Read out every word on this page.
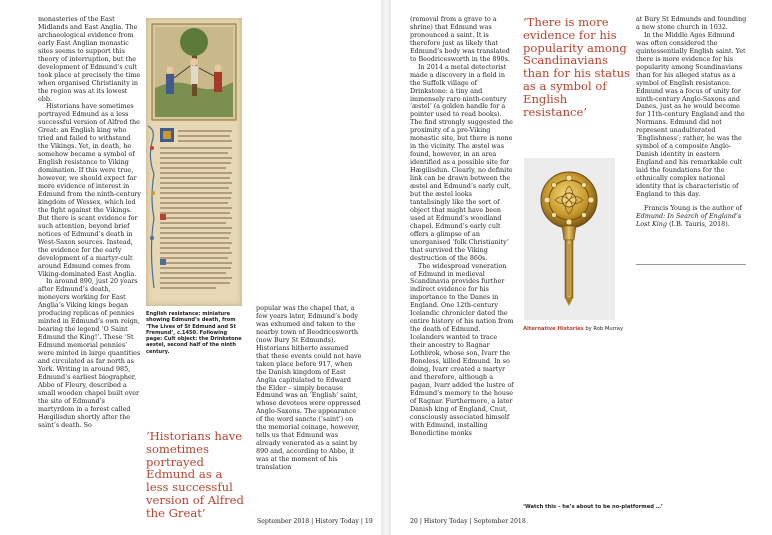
monasteries of the East Midlands and East Anglia. The archaeological evidence from early East Anglian monastic sites seems to support this theory of interruption, but the development of Edmund’s cult took place at precisely the time when organised Christianity in the region was at its lowest ebb.

Historians have sometimes portrayed Edmund as a less successful version of Alfred the Great: an English king who tried and failed to withstand the Vikings. Yet, in death, he somehow became a symbol of English resistance to Viking domination. If this were true, however, we should expect far more evidence of interest in Edmund from the ninth-century kingdom of Wessex, which led the fight against the Vikings. But there is scant evidence for such attention, beyond brief notices of Edmund’s death in West-Saxon sources. Instead, the evidence for the early development of a martyr-cult around Edmund comes from Viking-dominated East Anglia.

In around 890, just 20 years after Edmund’s death, moneyers working for East Anglia’s Viking kings began producing replicas of pennies minted in Edmund’s own reign, bearing the legend ‘O Saint Edmund the King!’. These ‘St Edmund memorial pennies’ were minted in large quantities and circulated as far north as York. Writing in around 985, Edmund’s earliest biographer, Abbo of Fleury, described a small wooden chapel built over the site of Edmund’s martyrdom in a forest called Hægilisdun shortly after the saint’s death. So

English resistance: miniature showing Edmund’s death, from ‘The Lives of St Edmund and St Fremund’, c.1450. Following page: Cult object: the Drinkstone aestel, second half of the ninth century.
‘Historians have sometimes portrayed Edmund as a less successful version of Alfred the Great’

popular was the chapel that, a few years later, Edmund’s body was exhumed and taken to the nearby town of Beodricesworth (now Bury St Edmunds). Historians hitherto assumed that these events could not have taken place before 917, when the Danish kingdom of East Anglia capitulated to Edward the Elder – simply because Edmund was an ‘English’ saint, whose devotees were oppressed Anglo-Saxons. The appearance of the word sancte (‘saint’) on the memorial coinage, however, tells us that Edmund was already venerated as a saint by 890 and, according to Abbo, it was at the moment of his translation

September 2018 | History Today | 19

(removal from a grave to a shrine) that Edmund was pronounced a saint. It is therefore just as likely that Edmund’s body was translated to Beodricesworth in the 890s.

In 2014 a metal detectorist made a discovery in a field in the Suffolk village of Drinkstone: a tiny and immensely rare ninth-century ‘æstel’ (a golden handle for a pointer used to read books). The find strongly suggested the proximity of a pre-Viking monastic site, but there is none in the vicinity. The æstel was found, however, in an area identified as a possible site for Hægilisdun. Clearly, no definite link can be drawn between the æstel and Edmund’s early cult, but the æstel looks tantalisingly like the sort of object that might have been used at Edmund’s woodland chapel. Edmund’s early cult offers a glimpse of an unorganised ‘folk Christianity’ that survived the Viking destruction of the 860s.

The widespread veneration of Edmund in medieval Scandinavia provides further indirect evidence for his importance to the Danes in England. One 12th-century Icelandic chronicler dated the entire history of his nation from the death of Edmund. Icelanders wanted to trace their ancestry to Ragnar Lothbrok, whose son, Ivarr the Boneless, killed Edmund. In so doing, Ivarr created a martyr and therefore, although a pagan, Ivarr added the lustre of Edmund’s memory to the house of Ragnar. Furthermore, a later Danish king of England, Cnut, consciously associated himself with Edmund, installing Benedictine monks

‘There is more evidence for his popularity among Scandinavians than for his status as a symbol of English resistance’
Alternative Histories by Rob Murray

at Bury St Edmunds and founding a new stone church in 1032.

In the Middle Ages Edmund was often considered the quintessentially English saint. Yet there is more evidence for his popularity among Scandinavians than for his alleged status as a symbol of English resistance. Edmund was a focus of unity for ninth-century Anglo-Saxons and Danes, just as he would become for 11th-century England and the Normans. Edmund did not represent unadulterated ‘Englishness’; rather, he was the symbol of a composite Anglo-Danish identity in eastern England and his remarkable cult laid the foundations for the ethnically complex national identity that is characteristic of England to this day.

Francis Young is the author of Edmund: In Search of England’s Lost King (I.B. Tauris, 2018).

‘Watch this – he’s about to be no-platformed …’
20 | History Today | September 2018
